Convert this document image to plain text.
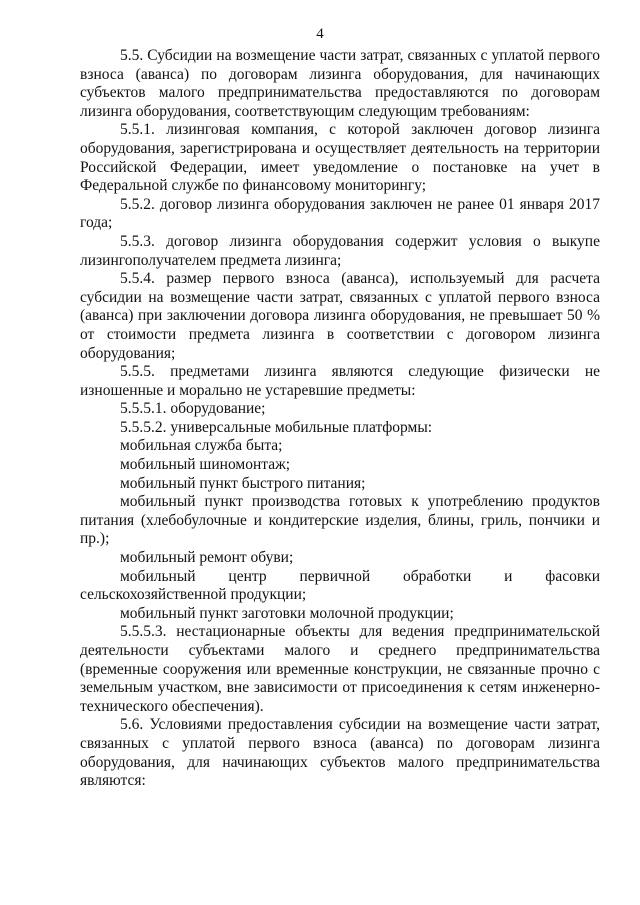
4

5.5. Субсидии на возмещение части затрат, связанных с уплатой первого взноса (аванса) по договорам лизинга оборудования, для начинающих субъектов малого предпринимательства предоставляются по договорам лизинга оборудования, соответствующим следующим требованиям:

5.5.1. лизинговая компания, с которой заключен договор лизинга оборудования, зарегистрирована и осуществляет деятельность на территории Российской Федерации, имеет уведомление о постановке на учет в Федеральной службе по финансовому мониторингу;

5.5.2. договор лизинга оборудования заключен не ранее 01 января 2017 года;

5.5.3. договор лизинга оборудования содержит условия о выкупе лизингополучателем предмета лизинга;

5.5.4. размер первого взноса (аванса), используемый для расчета субсидии на возмещение части затрат, связанных с уплатой первого взноса (аванса) при заключении договора лизинга оборудования, не превышает 50 % от стоимости предмета лизинга в соответствии с договором лизинга оборудования;

5.5.5. предметами лизинга являются следующие физически не изношенные и морально не устаревшие предметы:

5.5.5.1. оборудование;

5.5.5.2. универсальные мобильные платформы:

мобильная служба быта;

мобильный шиномонтаж;

мобильный пункт быстрого питания;

мобильный пункт производства готовых к употреблению продуктов питания (хлебобулочные и кондитерские изделия, блины, гриль, пончики и пр.);

мобильный ремонт обуви;

мобильный центр первичной обработки и фасовки сельскохозяйственной продукции;

мобильный пункт заготовки молочной продукции;

5.5.5.3. нестационарные объекты для ведения предпринимательской деятельности субъектами малого и среднего предпринимательства (временные сооружения или временные конструкции, не связанные прочно с земельным участком, вне зависимости от присоединения к сетям инженерно-технического обеспечения).

5.6. Условиями предоставления субсидии на возмещение части затрат, связанных с уплатой первого взноса (аванса) по договорам лизинга оборудования, для начинающих субъектов малого предпринимательства являются:
